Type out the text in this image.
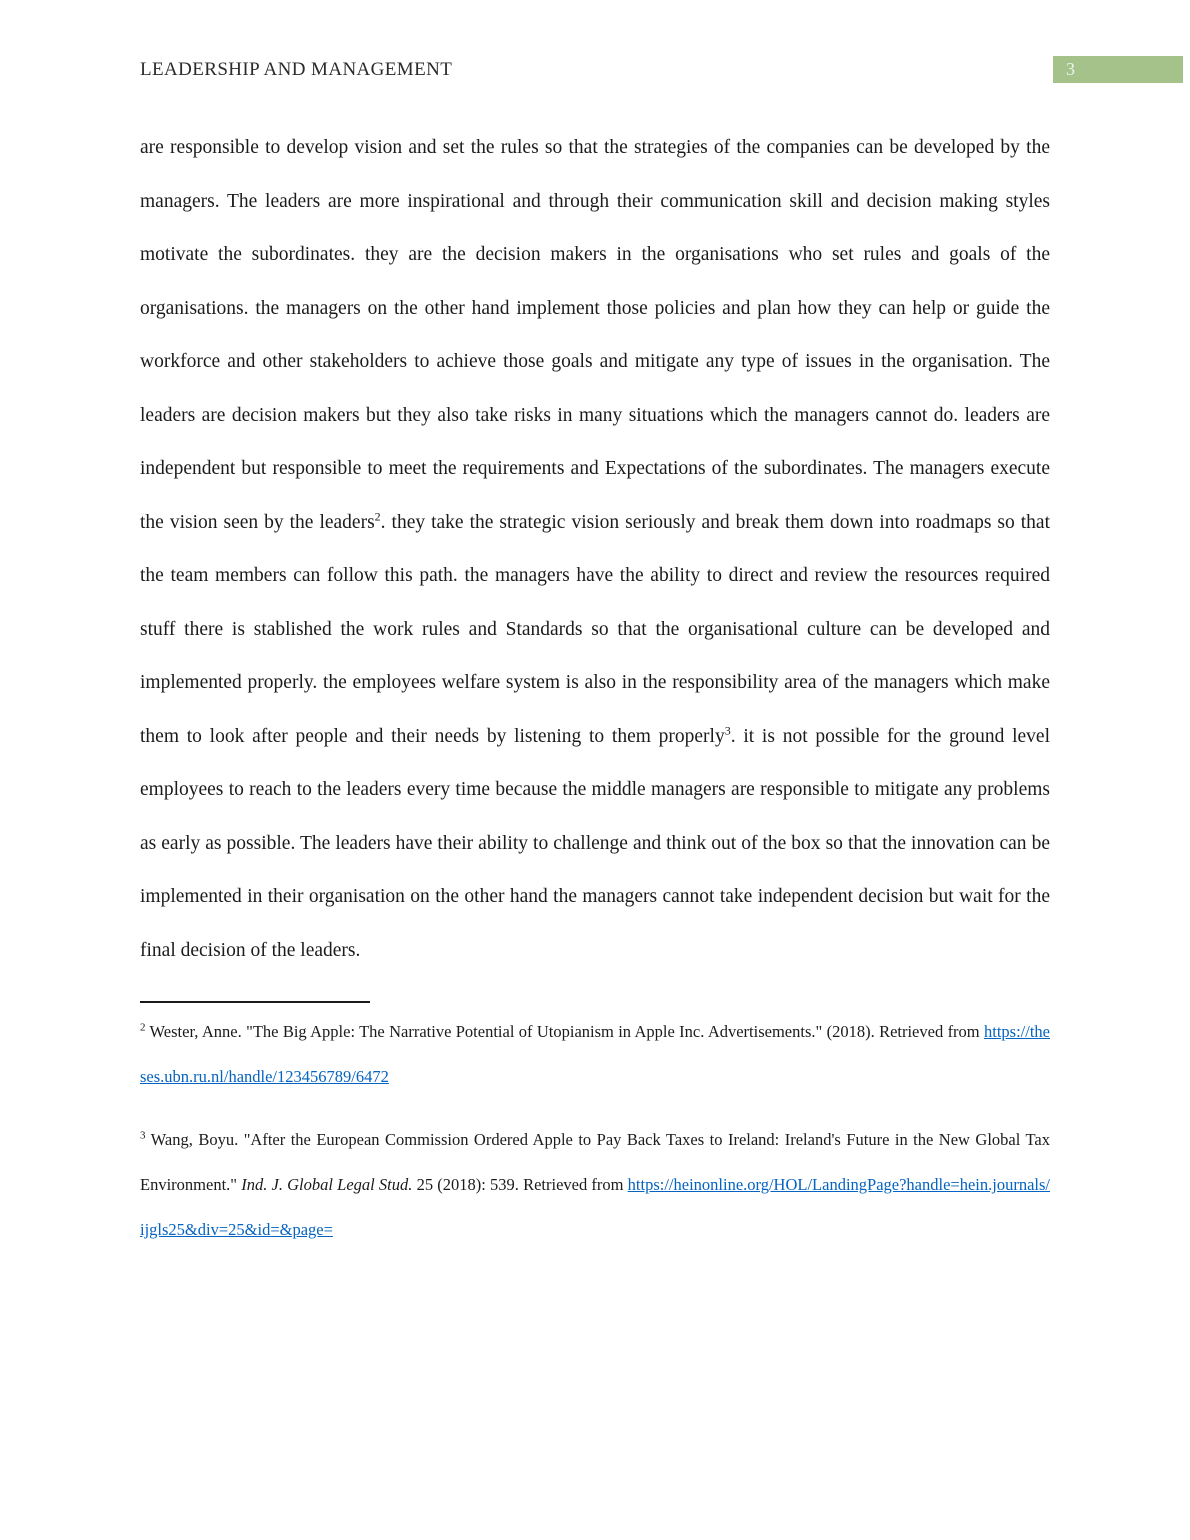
LEADERSHIP AND MANAGEMENT	3

are responsible to develop vision and set the rules so that the strategies of the companies can be developed by the managers. The leaders are more inspirational and through their communication skill and decision making styles motivate the subordinates. they are the decision makers in the organisations who set rules and goals of the organisations. the managers on the other hand implement those policies and plan how they can help or guide the workforce and other stakeholders to achieve those goals and mitigate any type of issues in the organisation. The leaders are decision makers but they also take risks in many situations which the managers cannot do. leaders are independent but responsible to meet the requirements and Expectations of the subordinates. The managers execute the vision seen by the leaders$^2$. they take the strategic vision seriously and break them down into roadmaps so that the team members can follow this path. the managers have the ability to direct and review the resources required stuff there is stablished the work rules and Standards so that the organisational culture can be developed and implemented properly. the employees welfare system is also in the responsibility area of the managers which make them to look after people and their needs by listening to them properly$^3$. it is not possible for the ground level employees to reach to the leaders every time because the middle managers are responsible to mitigate any problems as early as possible. The leaders have their ability to challenge and think out of the box so that the innovation can be implemented in their organisation on the other hand the managers cannot take independent decision but wait for the final decision of the leaders.

$^2$ Wester, Anne. "The Big Apple: The Narrative Potential of Utopianism in Apple Inc. Advertisements." (2018). Retrieved from https://theses.ubn.ru.nl/handle/123456789/6472

$^3$ Wang, Boyu. "After the European Commission Ordered Apple to Pay Back Taxes to Ireland: Ireland's Future in the New Global Tax Environment." Ind. J. Global Legal Stud. 25 (2018): 539. Retrieved from https://heinonline.org/HOL/LandingPage?handle=hein.journals/ijgls25&div=25&id=&page=
